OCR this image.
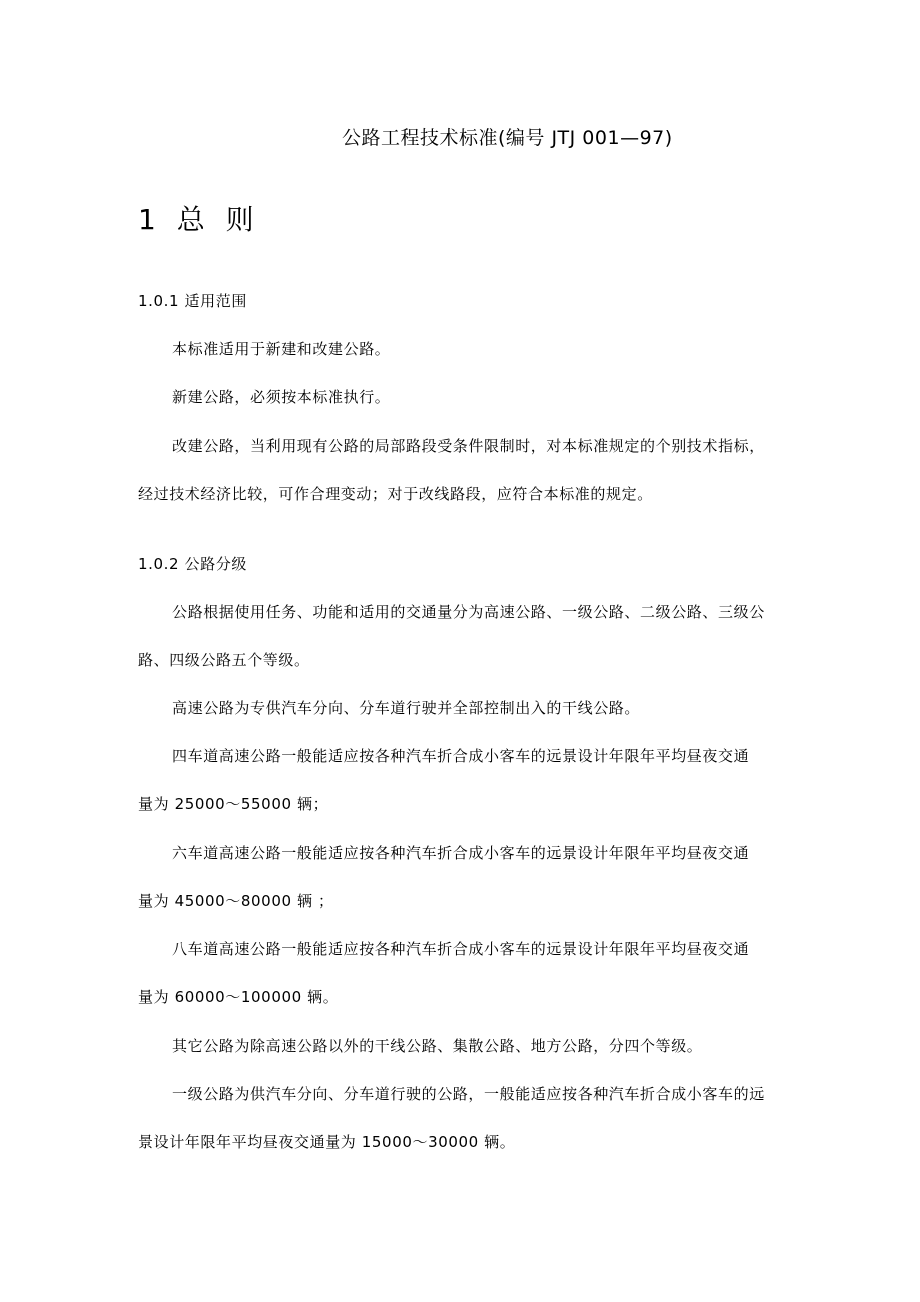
公路工程技术标准(编号 JTJ 001—97)
1 总 则
1.0.1 适用范围
本标准适用于新建和改建公路。
新建公路，必须按本标准执行。
改建公路，当利用现有公路的局部路段受条件限制时，对本标准规定的个别技术指标，
经过技术经济比较，可作合理变动；对于改线路段，应符合本标准的规定。
1.0.2 公路分级
公路根据使用任务、功能和适用的交通量分为高速公路、一级公路、二级公路、三级公
路、四级公路五个等级。
高速公路为专供汽车分向、分车道行驶并全部控制出入的干线公路。
四车道高速公路一般能适应按各种汽车折合成小客车的远景设计年限年平均昼夜交通
量为 25000～55000 辆；
六车道高速公路一般能适应按各种汽车折合成小客车的远景设计年限年平均昼夜交通
量为 45000～80000 辆 ；
八车道高速公路一般能适应按各种汽车折合成小客车的远景设计年限年平均昼夜交通
量为 60000～100000 辆。
其它公路为除高速公路以外的干线公路、集散公路、地方公路，分四个等级。
一级公路为供汽车分向、分车道行驶的公路，一般能适应按各种汽车折合成小客车的远
景设计年限年平均昼夜交通量为 15000～30000 辆。
